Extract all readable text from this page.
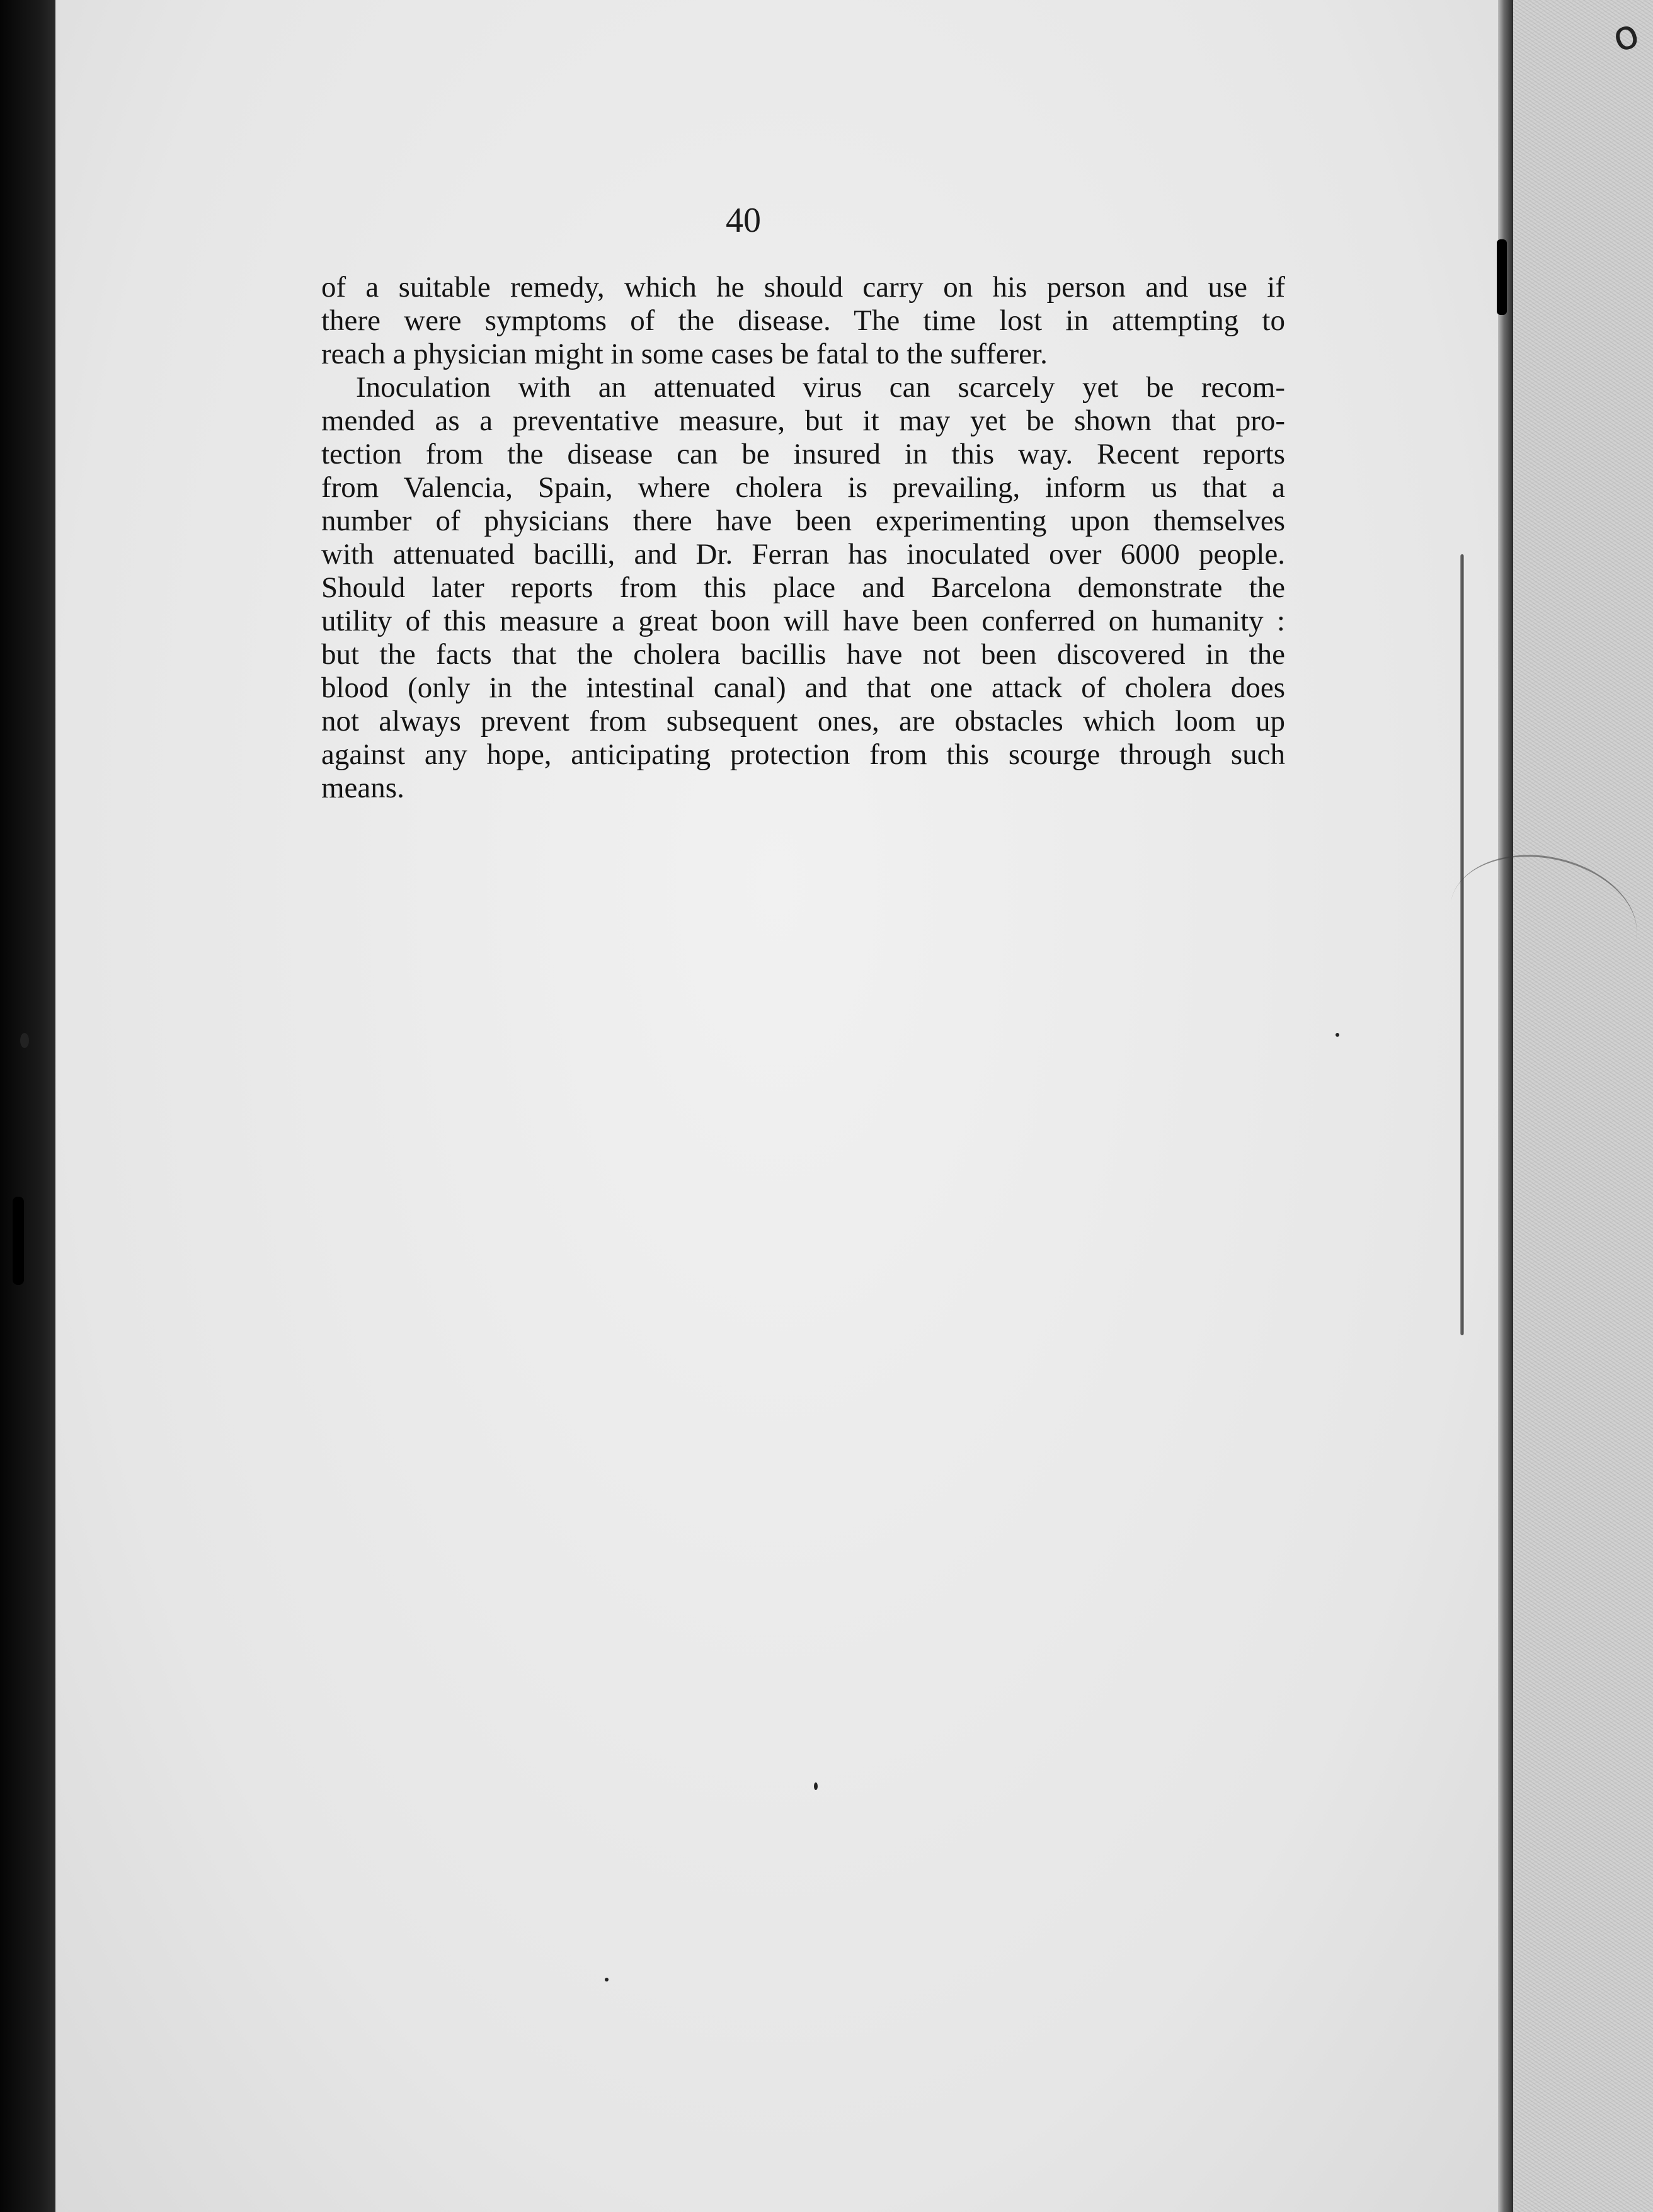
o

40

of a suitable remedy, which he should carry on his person and use if
there were symptoms of the disease. The time lost in attempting to
reach a physician might in some cases be fatal to the sufferer.
Inoculation with an attenuated virus can scarcely yet be recom-
mended as a preventative measure, but it may yet be shown that pro-
tection from the disease can be insured in this way. Recent reports
from Valencia, Spain, where cholera is prevailing, inform us that a
number of physicians there have been experimenting upon themselves
with attenuated bacilli, and Dr. Ferran has inoculated over 6000 people.
Should later reports from this place and Barcelona demonstrate the
utility of this measure a great boon will have been conferred on humanity :
but the facts that the cholera bacillis have not been discovered in the
blood (only in the intestinal canal) and that one attack of cholera does
not always prevent from subsequent ones, are obstacles which loom up
against any hope, anticipating protection from this scourge through such
means.
